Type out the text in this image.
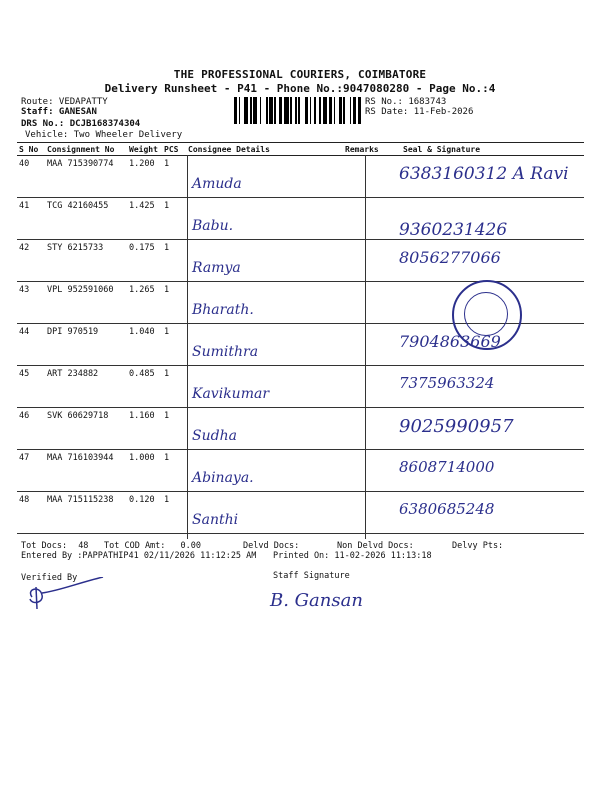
THE PROFESSIONAL COURIERS, COIMBATORE
Delivery Runsheet - P41 - Phone No.:9047080280 - Page No.:4
Route: VEDAPATTY
Staff: GANESAN
DRS No.: DCJB168374304
Vehicle: Two Wheeler Delivery
RS No.: 1683743
RS Date: 11-Feb-2026
S No	Consignment No	Weight	PCS	Consignee Details	Remarks	Seal & Signature
40	MAA 715390774	1.200	1	Amuda		6383160312 A Ravi

41	TCG 42160455	1.425	1	Babu.		9360231426

42	STY 6215733	0.175	1	Ramya		8056277066

43	VPL 952591060	1.265	1	Bharath.		

44	DPI 970519	1.040	1	Sumithra		7904863669

45	ART 234882	0.485	1	Kavikumar		7375963324

46	SVK 60629718	1.160	1	Sudha		9025990957

47	MAA 716103944	1.000	1	Abinaya.		8608714000

48	MAA 715115238	0.120	1	Santhi		6380685248
Tot Docs: 48 Tot COD Amt: 0.00	Delvd Docs:	Non Delvd Docs:	Delvy Pts:
Entered By :PAPPATHIP41 02/11/2026 11:12:25 AM Printed On: 11-02-2026 11:13:18
Verified By	Staff Signature
B. Gansan
